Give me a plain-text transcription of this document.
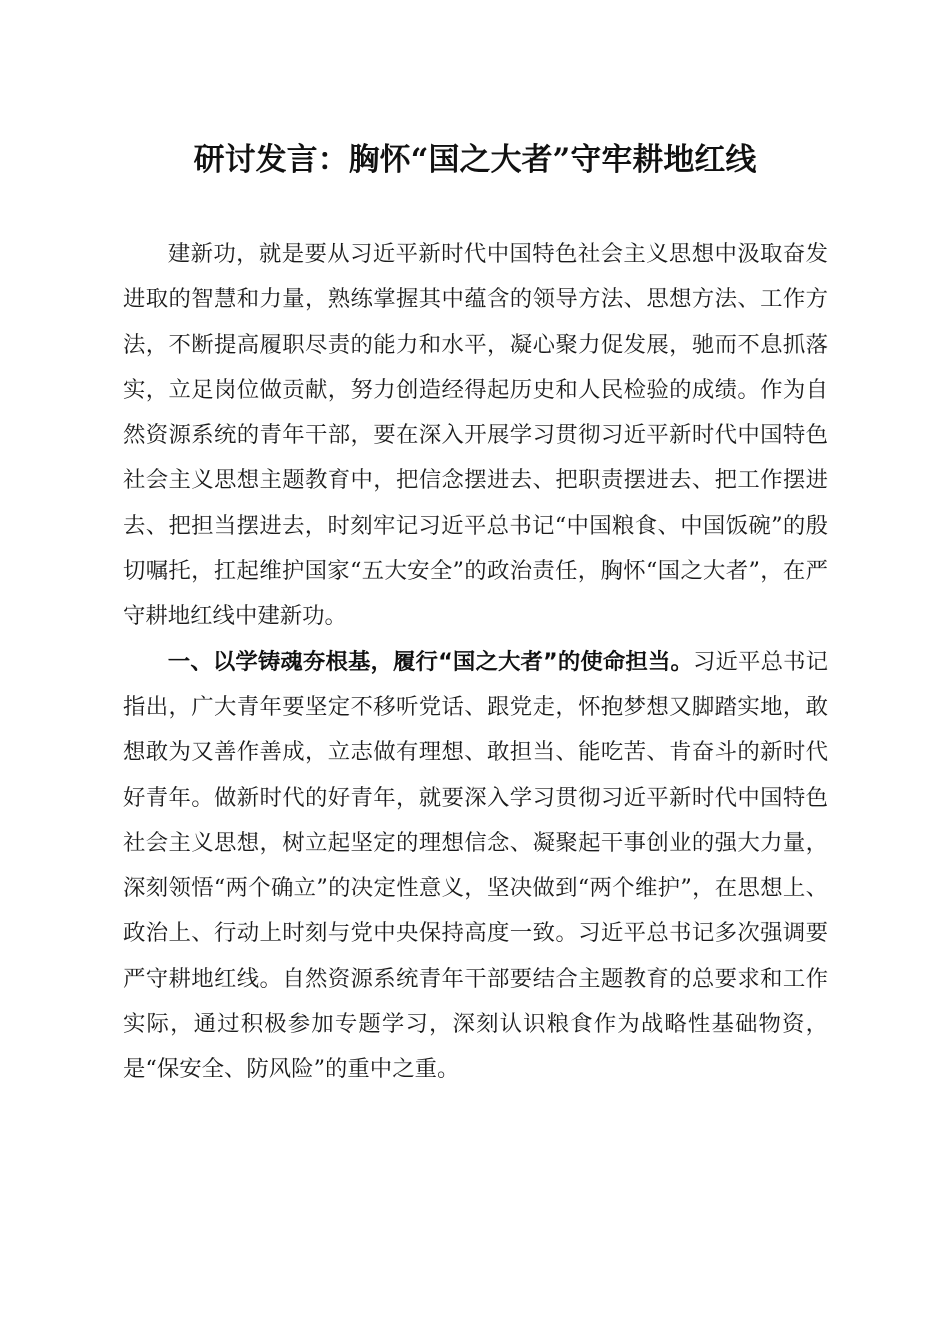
研讨发言：胸怀“国之大者”守牢耕地红线

建新功，就是要从习近平新时代中国特色社会主义思想中汲取奋发进取的智慧和力量，熟练掌握其中蕴含的领导方法、思想方法、工作方法，不断提高履职尽责的能力和水平，凝心聚力促发展，驰而不息抓落实，立足岗位做贡献，努力创造经得起历史和人民检验的成绩。作为自然资源系统的青年干部，要在深入开展学习贯彻习近平新时代中国特色社会主义思想主题教育中，把信念摆进去、把职责摆进去、把工作摆进去、把担当摆进去，时刻牢记习近平总书记“中国粮食、中国饭碗”的殷切嘱托，扛起维护国家“五大安全”的政治责任，胸怀“国之大者”，在严守耕地红线中建新功。

一、以学铸魂夯根基，履行“国之大者”的使命担当。习近平总书记指出，广大青年要坚定不移听党话、跟党走，怀抱梦想又脚踏实地，敢想敢为又善作善成，立志做有理想、敢担当、能吃苦、肯奋斗的新时代好青年。做新时代的好青年，就要深入学习贯彻习近平新时代中国特色社会主义思想，树立起坚定的理想信念、凝聚起干事创业的强大力量，深刻领悟“两个确立”的决定性意义，坚决做到“两个维护”，在思想上、政治上、行动上时刻与党中央保持高度一致。习近平总书记多次强调要严守耕地红线。自然资源系统青年干部要结合主题教育的总要求和工作实际，通过积极参加专题学习，深刻认识粮食作为战略性基础物资，是“保安全、防风险”的重中之重。
